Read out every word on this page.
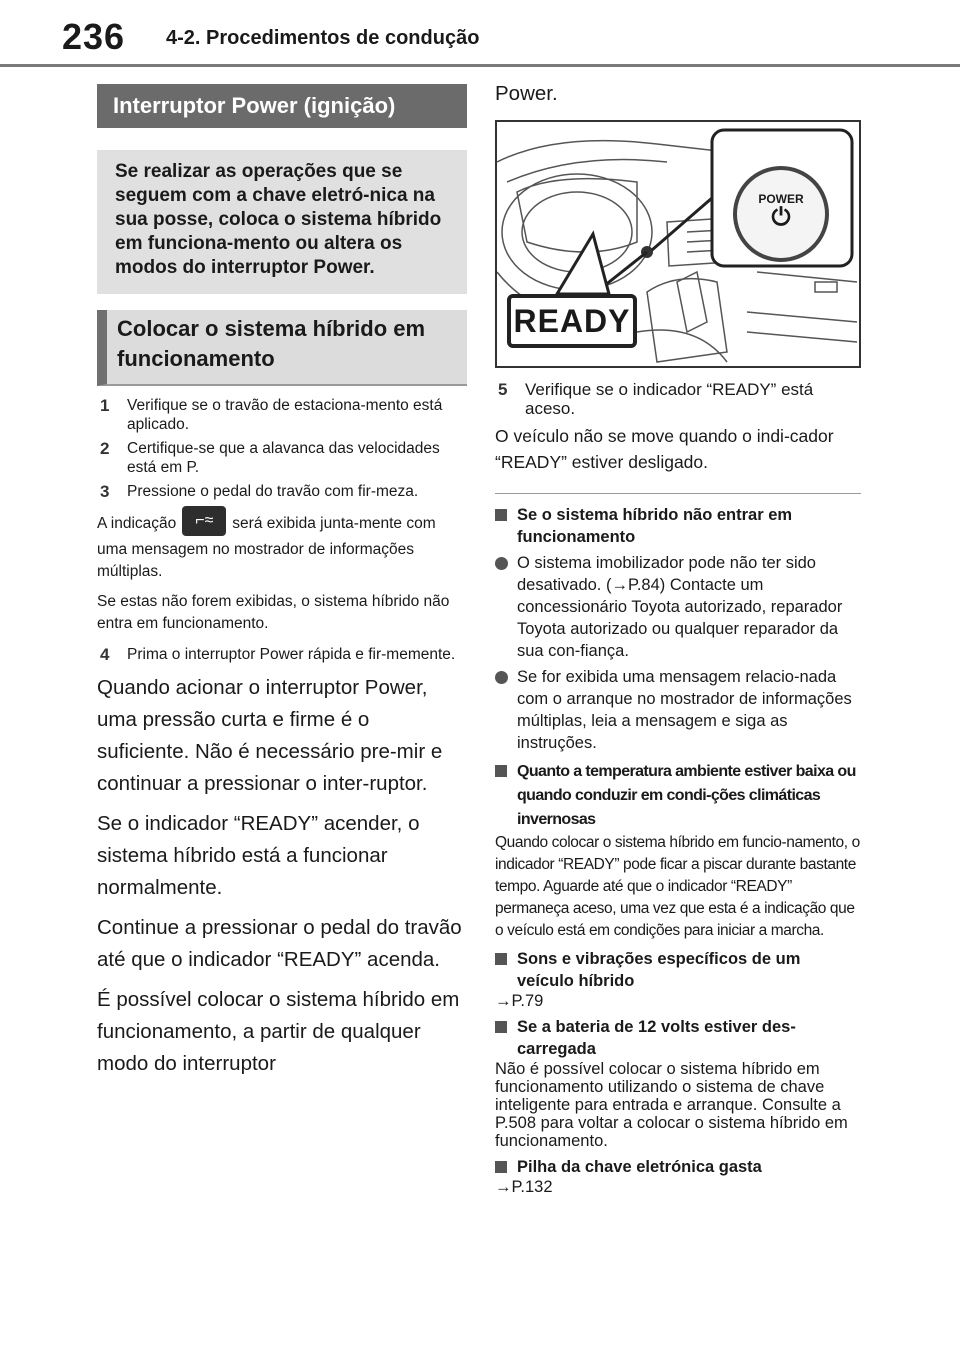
236 4-2. Procedimentos de condução
Interruptor Power (ignição)
Se realizar as operações que se seguem com a chave eletró-nica na sua posse, coloca o sistema híbrido em funciona-mento ou altera os modos do interruptor Power.
Colocar o sistema híbrido em funcionamento
1 Verifique se o travão de estaciona-mento está aplicado.
2 Certifique-se que a alavanca das velocidades está em P.
3 Pressione o pedal do travão com fir-meza.
A indicação ⌐≈ será exibida junta-mente com uma mensagem no mostrador de informações múltiplas.
Se estas não forem exibidas, o sistema híbrido não entra em funcionamento.
4 Prima o interruptor Power rápida e fir-memente.
Quando acionar o interruptor Power, uma pressão curta e firme é o suficiente. Não é necessário pre-mir e continuar a pressionar o inter-ruptor.
Se o indicador “READY” acender, o sistema híbrido está a funcionar normalmente.
Continue a pressionar o pedal do travão até que o indicador “READY” acenda.
É possível colocar o sistema híbrido em funcionamento, a partir de qualquer modo do interruptor
Power.
POWER
⏻
READY
5 Verifique se o indicador “READY” está aceso.
O veículo não se move quando o indi-cador “READY” estiver desligado.
Se o sistema híbrido não entrar em funcionamento
O sistema imobilizador pode não ter sido desativado. (→P.84) Contacte um concessionário Toyota autorizado, reparador Toyota autorizado ou qualquer reparador da sua con-fiança.
Se for exibida uma mensagem relacio-nada com o arranque no mostrador de informações múltiplas, leia a mensagem e siga as instruções.
Quanto a temperatura ambiente estiver baixa ou quando conduzir em condi-ções climáticas invernosas
Quando colocar o sistema híbrido em funcio-namento, o indicador “READY” pode ficar a piscar durante bastante tempo. Aguarde até que o indicador “READY” permaneça aceso, uma vez que esta é a indicação que o veículo está em condições para iniciar a marcha.
Sons e vibrações específicos de um veículo híbrido
→P.79
Se a bateria de 12 volts estiver des-carregada
Não é possível colocar o sistema híbrido em funcionamento utilizando o sistema de chave inteligente para entrada e arranque. Consulte a P.508 para voltar a colocar o sistema híbrido em funcionamento.
Pilha da chave eletrónica gasta
→P.132
